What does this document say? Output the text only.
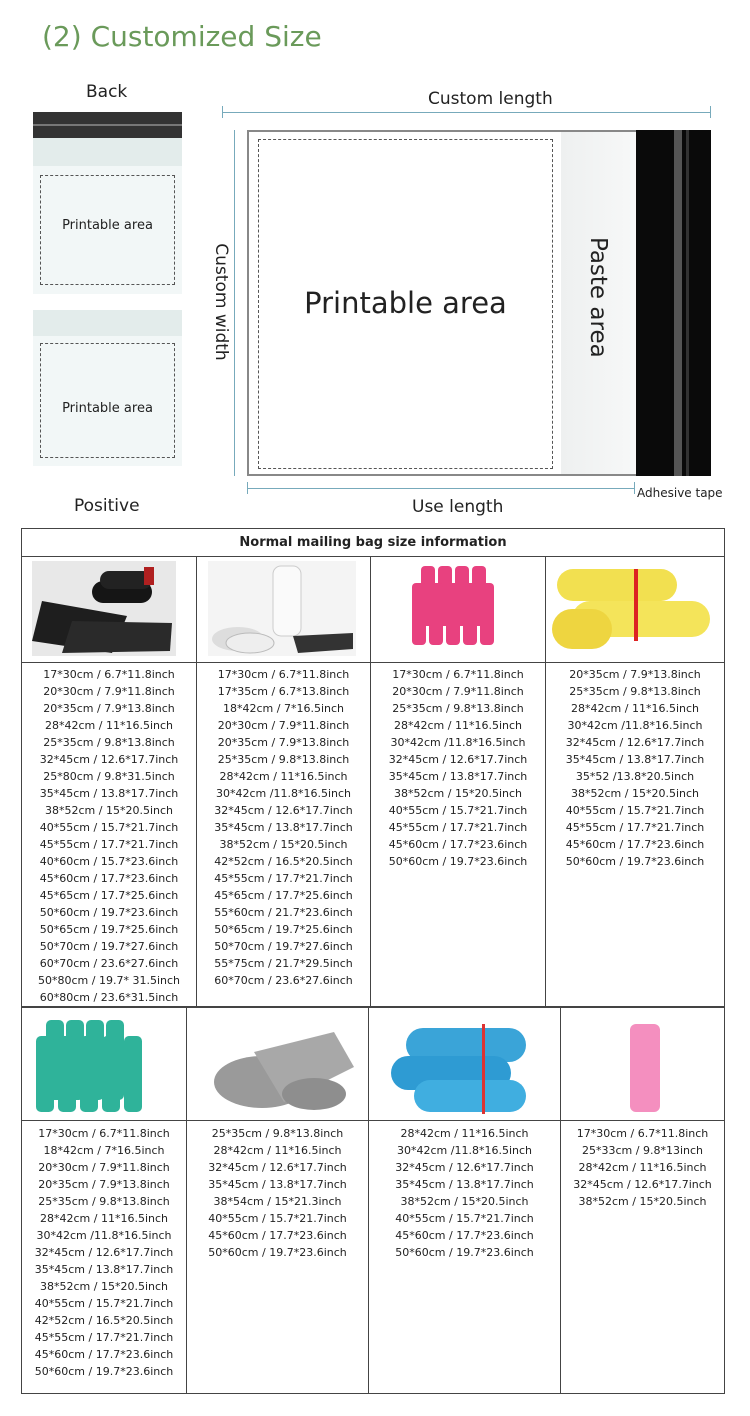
(2) Customized Size
Back
Printable area
Printable area
Positive
Custom length
Custom width	Printable area	Paste area
Use length
Adhesive tape
Normal mailing bag size information
17*30cm / 6.7*11.8inch
20*30cm / 7.9*11.8inch
20*35cm / 7.9*13.8inch
28*42cm / 11*16.5inch
25*35cm / 9.8*13.8inch
32*45cm / 12.6*17.7inch
25*80cm / 9.8*31.5inch
35*45cm / 13.8*17.7inch
38*52cm / 15*20.5inch
40*55cm / 15.7*21.7inch
45*55cm / 17.7*21.7inch
40*60cm / 15.7*23.6inch
45*60cm / 17.7*23.6inch
45*65cm / 17.7*25.6inch
50*60cm / 19.7*23.6inch
50*65cm / 19.7*25.6inch
50*70cm / 19.7*27.6inch
60*70cm / 23.6*27.6inch
50*80cm / 19.7* 31.5inch
60*80cm / 23.6*31.5inch
17*30cm / 6.7*11.8inch
17*35cm / 6.7*13.8inch
18*42cm / 7*16.5inch
20*30cm / 7.9*11.8inch
20*35cm / 7.9*13.8inch
25*35cm / 9.8*13.8inch
28*42cm / 11*16.5inch
30*42cm /11.8*16.5inch
32*45cm / 12.6*17.7inch
35*45cm / 13.8*17.7inch
38*52cm / 15*20.5inch
42*52cm / 16.5*20.5inch
45*55cm / 17.7*21.7inch
45*65cm / 17.7*25.6inch
55*60cm / 21.7*23.6inch
50*65cm / 19.7*25.6inch
50*70cm / 19.7*27.6inch
55*75cm / 21.7*29.5inch
60*70cm / 23.6*27.6inch
17*30cm / 6.7*11.8inch
20*30cm / 7.9*11.8inch
25*35cm / 9.8*13.8inch
28*42cm / 11*16.5inch
30*42cm /11.8*16.5inch
32*45cm / 12.6*17.7inch
35*45cm / 13.8*17.7inch
38*52cm / 15*20.5inch
40*55cm / 15.7*21.7inch
45*55cm / 17.7*21.7inch
45*60cm / 17.7*23.6inch
50*60cm / 19.7*23.6inch
20*35cm / 7.9*13.8inch
25*35cm / 9.8*13.8inch
28*42cm / 11*16.5inch
30*42cm /11.8*16.5inch
32*45cm / 12.6*17.7inch
35*45cm / 13.8*17.7inch
35*52 /13.8*20.5inch
38*52cm / 15*20.5inch
40*55cm / 15.7*21.7inch
45*55cm / 17.7*21.7inch
45*60cm / 17.7*23.6inch
50*60cm / 19.7*23.6inch
17*30cm / 6.7*11.8inch
18*42cm / 7*16.5inch
20*30cm / 7.9*11.8inch
20*35cm / 7.9*13.8inch
25*35cm / 9.8*13.8inch
28*42cm / 11*16.5inch
30*42cm /11.8*16.5inch
32*45cm / 12.6*17.7inch
35*45cm / 13.8*17.7inch
38*52cm / 15*20.5inch
40*55cm / 15.7*21.7inch
42*52cm / 16.5*20.5inch
45*55cm / 17.7*21.7inch
45*60cm / 17.7*23.6inch
50*60cm / 19.7*23.6inch
25*35cm / 9.8*13.8inch
28*42cm / 11*16.5inch
32*45cm / 12.6*17.7inch
35*45cm / 13.8*17.7inch
38*54cm / 15*21.3inch
40*55cm / 15.7*21.7inch
45*60cm / 17.7*23.6inch
50*60cm / 19.7*23.6inch
28*42cm / 11*16.5inch
30*42cm /11.8*16.5inch
32*45cm / 12.6*17.7inch
35*45cm / 13.8*17.7inch
38*52cm / 15*20.5inch
40*55cm / 15.7*21.7inch
45*60cm / 17.7*23.6inch
50*60cm / 19.7*23.6inch
17*30cm / 6.7*11.8inch
25*33cm / 9.8*13inch
28*42cm / 11*16.5inch
32*45cm / 12.6*17.7inch
38*52cm / 15*20.5inch
